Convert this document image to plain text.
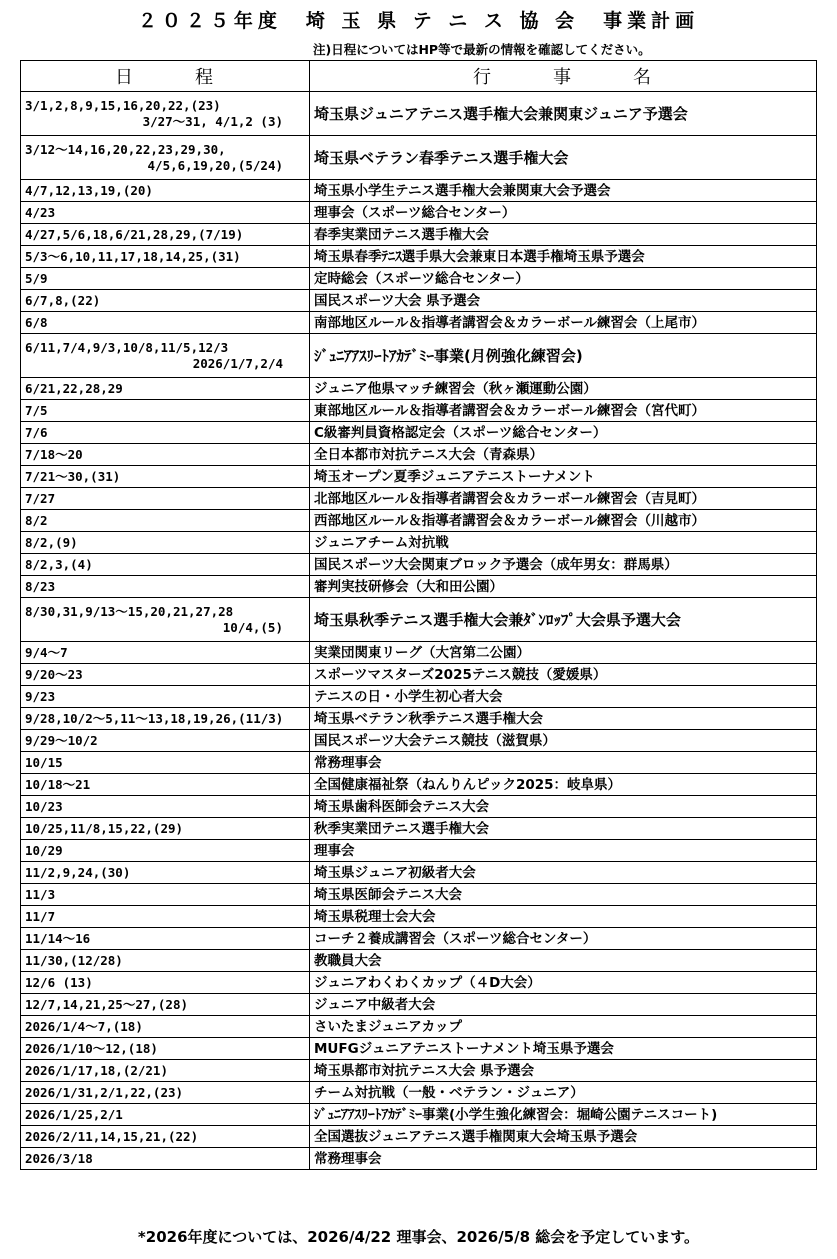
２０２５年度　埼 玉 県 テ ニ ス 協 会　事業計画
注)日程についてはHP等で最新の情報を確認してください。
日　　　程	行　　　事　　　名
3/1,2,8,9,15,16,20,22,(23)
3/27～31, 4/1,2 (3)	埼玉県ジュニアテニス選手権大会兼関東ジュニア予選会
3/12～14,16,20,22,23,29,30,
4/5,6,19,20,(5/24)	埼玉県ベテラン春季テニス選手権大会
4/7,12,13,19,(20)	埼玉県小学生テニス選手権大会兼関東大会予選会
4/23	理事会（スポーツ総合センター）
4/27,5/6,18,6/21,28,29,(7/19)	春季実業団テニス選手権大会
5/3～6,10,11,17,18,14,25,(31)	埼玉県春季ﾃﾆｽ選手県大会兼東日本選手権埼玉県予選会
5/9	定時総会（スポーツ総合センター）
6/7,8,(22)	国民スポーツ大会 県予選会
6/8	南部地区ルール＆指導者講習会＆カラーボール練習会（上尾市）
6/11,7/4,9/3,10/8,11/5,12/3
2026/1/7,2/4	ｼﾞｭﾆｱｱｽﾘｰﾄｱｶﾃﾞﾐｰ事業(月例強化練習会)
6/21,22,28,29	ジュニア他県マッチ練習会（秋ヶ瀬運動公園）
7/5	東部地区ルール＆指導者講習会＆カラーボール練習会（宮代町）
7/6	C級審判員資格認定会（スポーツ総合センター）
7/18～20	全日本都市対抗テニス大会（青森県）
7/21～30,(31)	埼玉オープン夏季ジュニアテニストーナメント
7/27	北部地区ルール＆指導者講習会＆カラーボール練習会（吉見町）
8/2	西部地区ルール＆指導者講習会＆カラーボール練習会（川越市）
8/2,(9)	ジュニアチーム対抗戦
8/2,3,(4)	国民スポーツ大会関東ブロック予選会（成年男女：群馬県）
8/23	審判実技研修会（大和田公園）
8/30,31,9/13～15,20,21,27,28
10/4,(5)	埼玉県秋季テニス選手権大会兼ﾀﾞﾝﾛｯﾌﾟ大会県予選大会
9/4～7	実業団関東リーグ（大宮第二公園）
9/20～23	スポーツマスターズ2025テニス競技（愛媛県）
9/23	テニスの日・小学生初心者大会
9/28,10/2～5,11～13,18,19,26,(11/3)	埼玉県ベテラン秋季テニス選手権大会
9/29～10/2	国民スポーツ大会テニス競技（滋賀県）
10/15	常務理事会
10/18～21	全国健康福祉祭（ねんりんピック2025：岐阜県）
10/23	埼玉県歯科医師会テニス大会
10/25,11/8,15,22,(29)	秋季実業団テニス選手権大会
10/29	理事会
11/2,9,24,(30)	埼玉県ジュニア初級者大会
11/3	埼玉県医師会テニス大会
11/7	埼玉県税理士会大会
11/14～16	コーチ２養成講習会（スポーツ総合センター）
11/30,(12/28)	教職員大会
12/6 (13)	ジュニアわくわくカップ（４D大会）
12/7,14,21,25～27,(28)	ジュニア中級者大会
2026/1/4～7,(18)	さいたまジュニアカップ
2026/1/10～12,(18)	MUFGジュニアテニストーナメント埼玉県予選会
2026/1/17,18,(2/21)	埼玉県都市対抗テニス大会 県予選会
2026/1/31,2/1,22,(23)	チーム対抗戦（一般・ベテラン・ジュニア）
2026/1/25,2/1	ｼﾞｭﾆｱｱｽﾘｰﾄｱｶﾃﾞﾐｰ事業(小学生強化練習会：堀崎公園テニスコート)
2026/2/11,14,15,21,(22)	全国選抜ジュニアテニス選手権関東大会埼玉県予選会
2026/3/18	常務理事会
*2026年度については、2026/4/22 理事会、2026/5/8 総会を予定しています。
